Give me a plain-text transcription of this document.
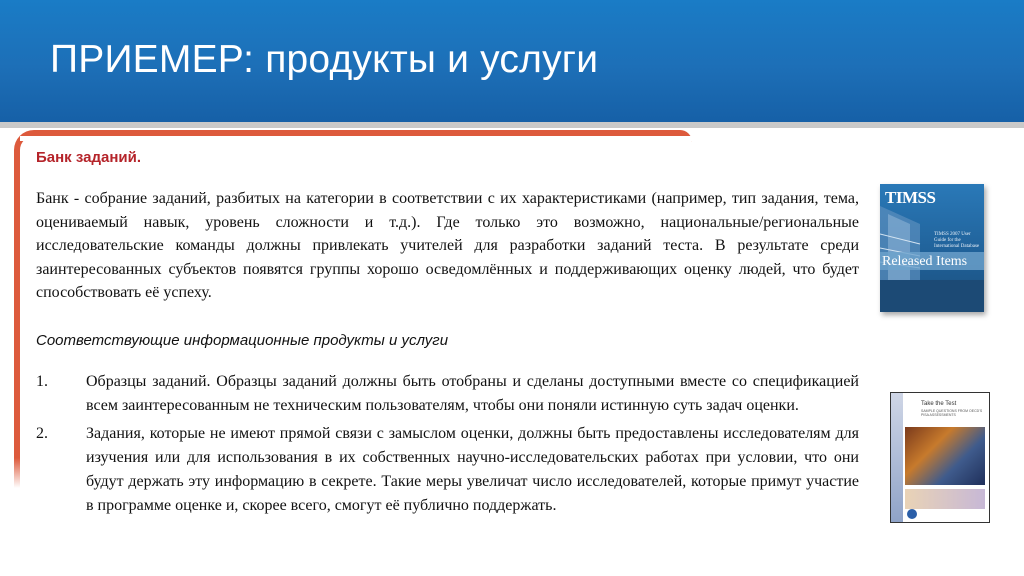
ПРИЕМЕР: продукты и услуги
Банк заданий.

Банк - собрание заданий, разбитых на категории в соответствии с их характеристиками (например, тип задания, тема, оцениваемый навык, уровень сложности и т.д.). Где только это возможно, национальные/региональные исследовательские команды должны привлекать учителей для разработки заданий теста. В результате среди заинтересованных субъектов появятся группы хорошо осведомлённых и поддерживающих оценку людей, что будет способствовать её успеху.

Соответствующие информационные продукты и услуги
1.	Образцы заданий. Образцы заданий должны быть отобраны и сделаны доступными вместе со спецификацией всем заинтересованным не техническим пользователям, чтобы они поняли истинную суть задач оценки.
2.	Задания, которые не имеют прямой связи с замыслом оценки, должны быть предоставлены исследователям для изучения или для использования в их собственных научно-исследовательских работах при условии, что они будут держать эту информацию в секрете. Такие меры увеличат число исследователей, которые примут участие в программе оценке и, скорее всего, смогут её публично поддержать.
TIMSS
TIMSS 2007 User Guide for the International Database
Released Items
Take the Test
SAMPLE QUESTIONS FROM OECD'S PISA ASSESSMENTS
